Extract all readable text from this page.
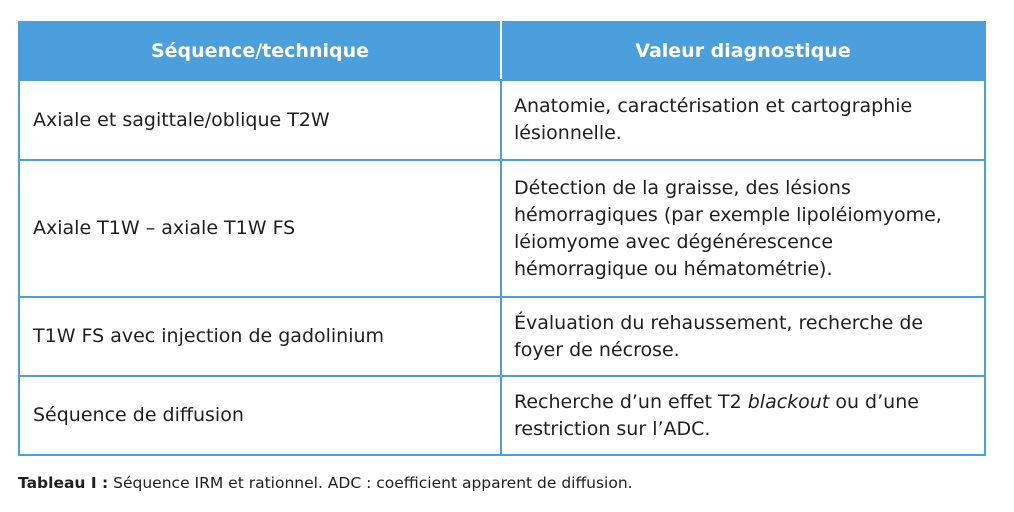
Séquence/technique	Valeur diagnostique
Axiale et sagittale/oblique T2W	Anatomie, caractérisation et cartographie lésionnelle.
Axiale T1W – axiale T1W FS	Détection de la graisse, des lésions hémorragiques (par exemple lipoléiomyome, léiomyome avec dégénérescence hémorragique ou hématométrie).
T1W FS avec injection de gadolinium	Évaluation du rehaussement, recherche de foyer de nécrose.
Séquence de diffusion	Recherche d’un effet T2 blackout ou d’une restriction sur l’ADC.
Tableau I : Séquence IRM et rationnel. ADC : coefficient apparent de diffusion.
